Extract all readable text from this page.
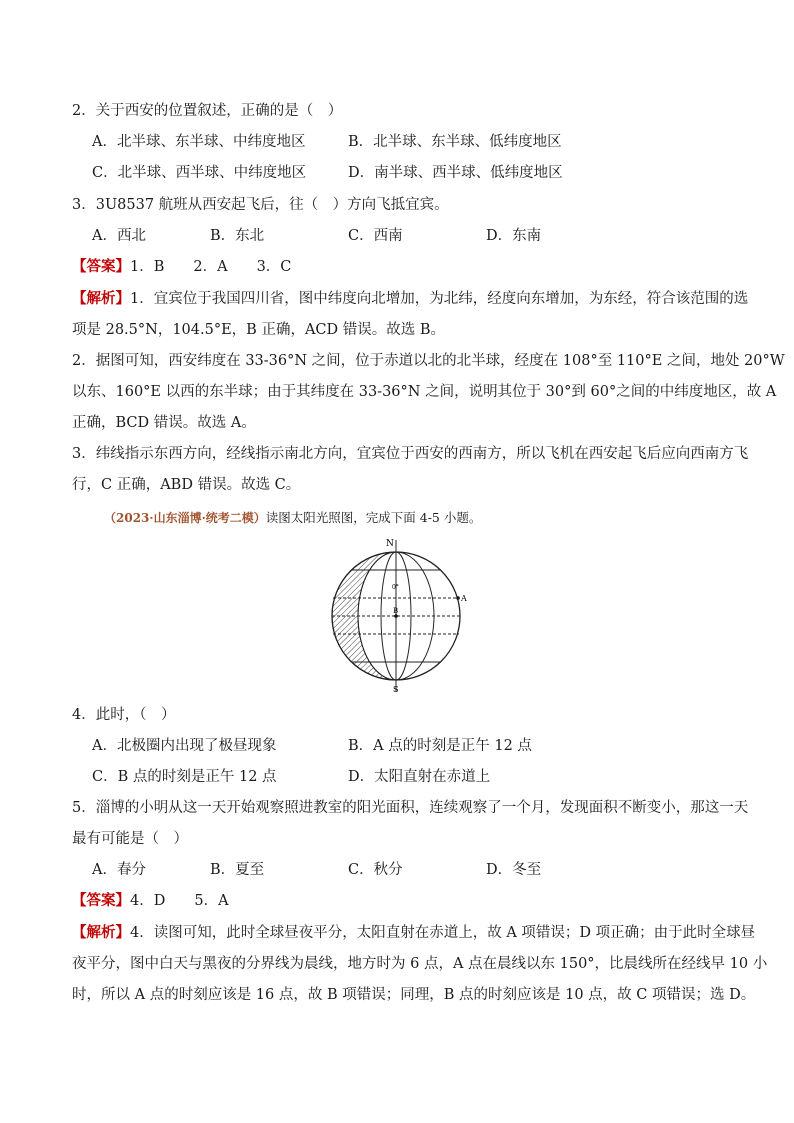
2．关于西安的位置叙述，正确的是（　）
A．北半球、东半球、中纬度地区	B．北半球、东半球、低纬度地区
C．北半球、西半球、中纬度地区	D．南半球、西半球、低纬度地区
3．3U8537 航班从西安起飞后，往（　）方向飞抵宜宾。
A．西北	B．东北	C．西南	D．东南
【答案】1．B　　2．A　　3．C
【解析】1．宜宾位于我国四川省，图中纬度向北增加，为北纬，经度向东增加，为东经，符合该范围的选
项是 28.5°N，104.5°E，B 正确，ACD 错误。故选 B。
2．据图可知，西安纬度在 33-36°N 之间，位于赤道以北的北半球，经度在 108°至 110°E 之间，地处 20°W
以东、160°E 以西的东半球；由于其纬度在 33-36°N 之间，说明其位于 30°到 60°之间的中纬度地区，故 A
正确，BCD 错误。故选 A。
3．纬线指示东西方向，经线指示南北方向，宜宾位于西安的西南方，所以飞机在西安起飞后应向西南方飞
行，C 正确，ABD 错误。故选 C。
（2023·山东淄博·统考二模）读图太阳光照图，完成下面 4-5 小题。
N
S
A
B
0°
4．此时，（　）
A．北极圈内出现了极昼现象	B．A 点的时刻是正午 12 点
C．B 点的时刻是正午 12 点	D．太阳直射在赤道上
5．淄博的小明从这一天开始观察照进教室的阳光面积，连续观察了一个月，发现面积不断变小，那这一天
最有可能是（　）
A．春分	B．夏至	C．秋分	D．冬至
【答案】4．D　　5．A
【解析】4．读图可知，此时全球昼夜平分，太阳直射在赤道上，故 A 项错误；D 项正确；由于此时全球昼
夜平分，图中白天与黑夜的分界线为晨线，地方时为 6 点，A 点在晨线以东 150°，比晨线所在经线早 10 小
时，所以 A 点的时刻应该是 16 点，故 B 项错误；同理，B 点的时刻应该是 10 点，故 C 项错误；选 D。
